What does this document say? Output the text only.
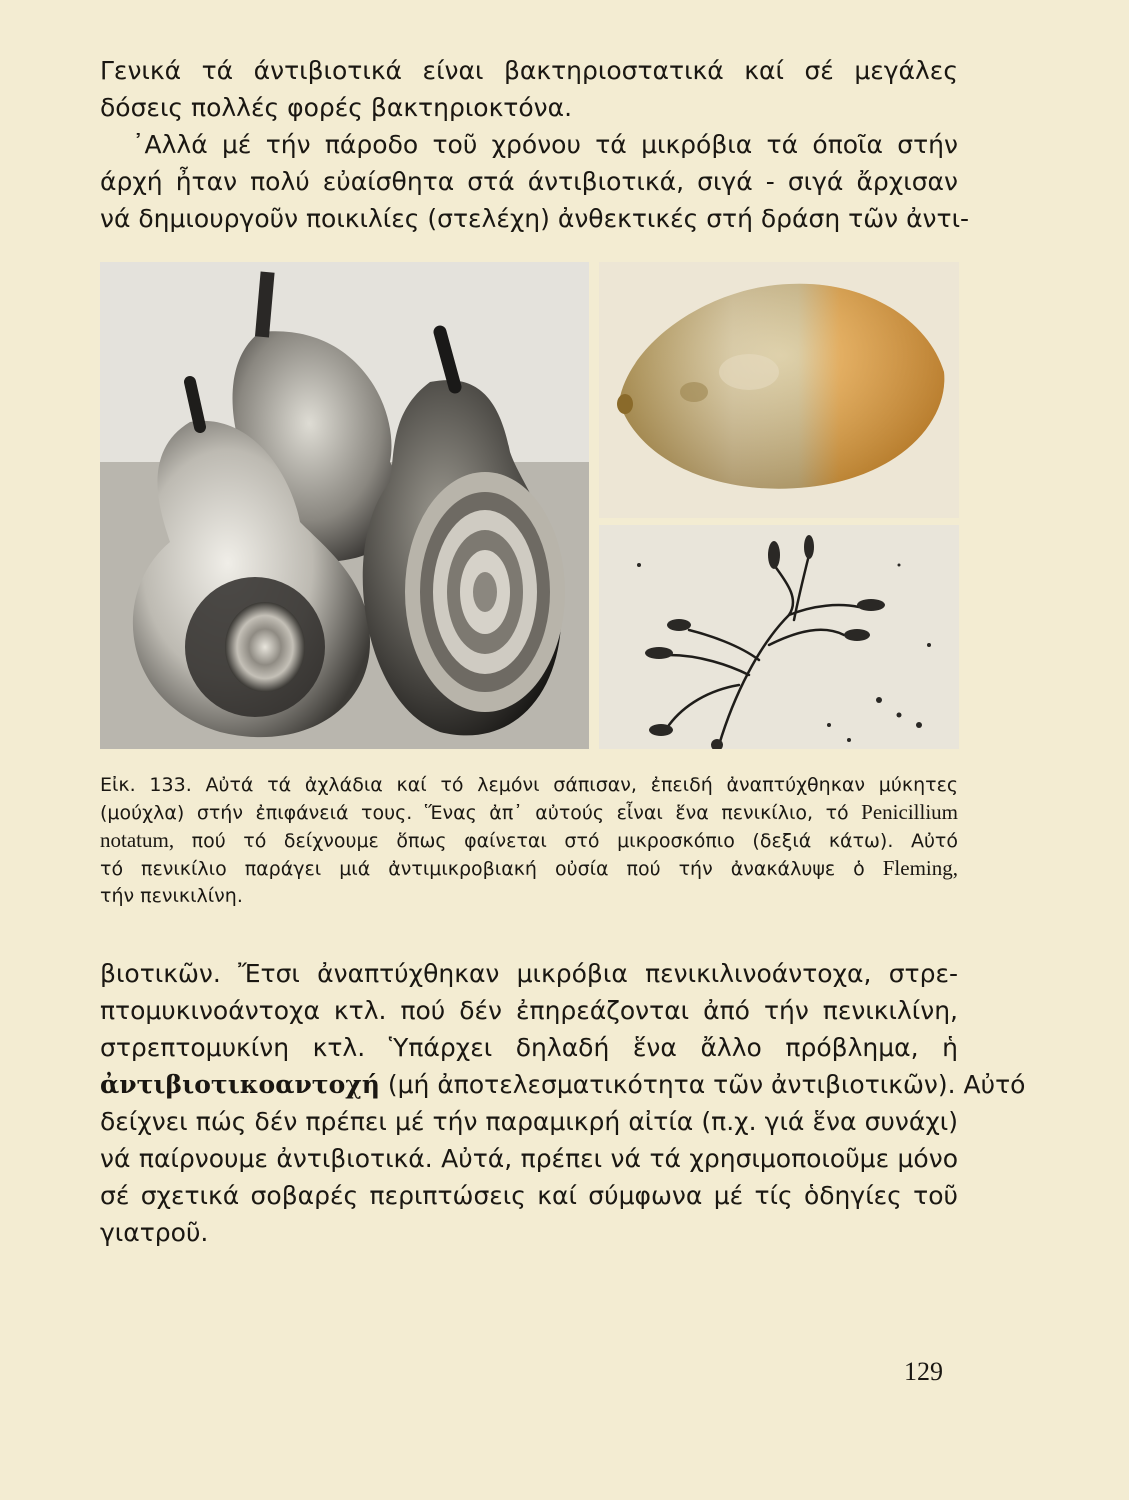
Γενικά τά άντιβιοτικά είναι βακτηριοστατικά καί σέ μεγάλες
δόσεις πολλές φορές βακτηριοκτόνα.
᾿Αλλά μέ τήν πάροδο τοῦ χρόνου τά μικρόβια τά όποῖα στήν
άρχή ἦταν πολύ εὐαίσθητα στά άντιβιοτικά, σιγά - σιγά ἄρχισαν
νά δημιουργοῦν ποικιλίες (στελέχη) ἀνθεκτικές στή δράση τῶν ἀντι-

Εἰκ. 133. Αὐτά τά ἀχλάδια καί τό λεμόνι σάπισαν, ἐπειδή ἀναπτύχθηκαν μύκητες
(μούχλα) στήν ἐπιφάνειά τους. Ἕνας ἀπ᾿ αὐτούς εἶναι ἕνα πενικίλιο, τό Penicillium
notatum, πού τό δείχνουμε ὅπως φαίνεται στό μικροσκόπιο (δεξιά κάτω). Αὐτό
τό πενικίλιο παράγει μιά ἀντιμικροβιακή οὐσία πού τήν ἀνακάλυψε ὁ Fleming,
τήν πενικιλίνη.

βιοτικῶν. Ἔτσι ἀναπτύχθηκαν μικρόβια πενικιλινοάντοχα, στρε-
πτομυκινοάντοχα κτλ. πού δέν ἐπηρεάζονται ἀπό τήν πενικιλίνη,
στρεπτομυκίνη κτλ. Ὑπάρχει δηλαδή ἕνα ἄλλο πρόβλημα, ἡ
ἀντιβιοτικοαντοχή (μή ἀποτελεσματικότητα τῶν ἀντιβιοτικῶν). Αὐτό
δείχνει πώς δέν πρέπει μέ τήν παραμικρή αἰτία (π.χ. γιά ἕνα συνάχι)
νά παίρνουμε ἀντιβιοτικά. Αὐτά, πρέπει νά τά χρησιμοποιοῦμε μόνο
σέ σχετικά σοβαρές περιπτώσεις καί σύμφωνα μέ τίς ὁδηγίες τοῦ
γιατροῦ.

129
